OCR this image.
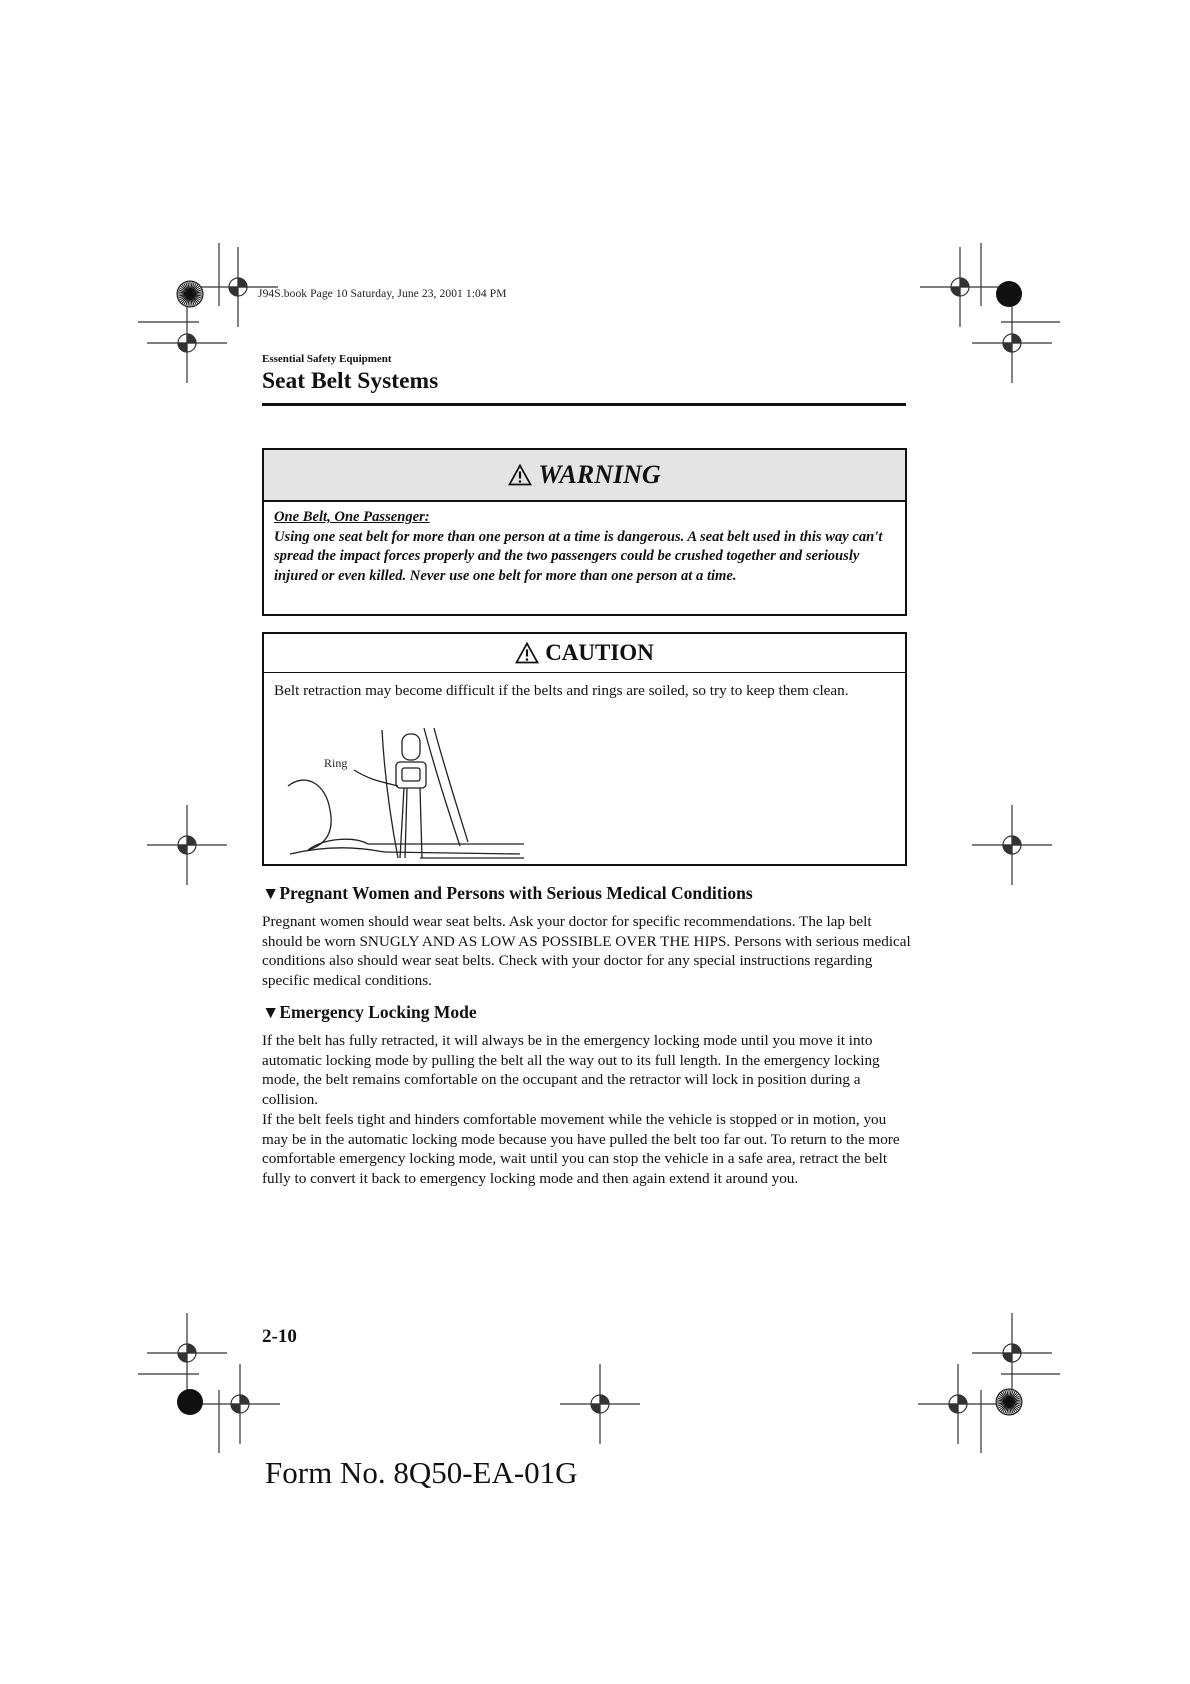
J94S.book Page 10 Saturday, June 23, 2001 1:04 PM
Essential Safety Equipment
Seat Belt Systems
WARNING
One Belt, One Passenger:
Using one seat belt for more than one person at a time is dangerous. A seat belt used in this way can't spread the impact forces properly and the two passengers could be crushed together and seriously injured or even killed. Never use one belt for more than one person at a time.
CAUTION
Belt retraction may become difficult if the belts and rings are soiled, so try to keep them clean.
Ring
▼Pregnant Women and Persons with Serious Medical Conditions

Pregnant women should wear seat belts. Ask your doctor for specific recommendations. The lap belt should be worn SNUGLY AND AS LOW AS POSSIBLE OVER THE HIPS. Persons with serious medical conditions also should wear seat belts. Check with your doctor for any special instructions regarding specific medical conditions.

▼Emergency Locking Mode

If the belt has fully retracted, it will always be in the emergency locking mode until you move it into automatic locking mode by pulling the belt all the way out to its full length. In the emergency locking mode, the belt remains comfortable on the occupant and the retractor will lock in position during a collision.

If the belt feels tight and hinders comfortable movement while the vehicle is stopped or in motion, you may be in the automatic locking mode because you have pulled the belt too far out. To return to the more comfortable emergency locking mode, wait until you can stop the vehicle in a safe area, retract the belt fully to convert it back to emergency locking mode and then again extend it around you.

2-10
Form No. 8Q50-EA-01G
